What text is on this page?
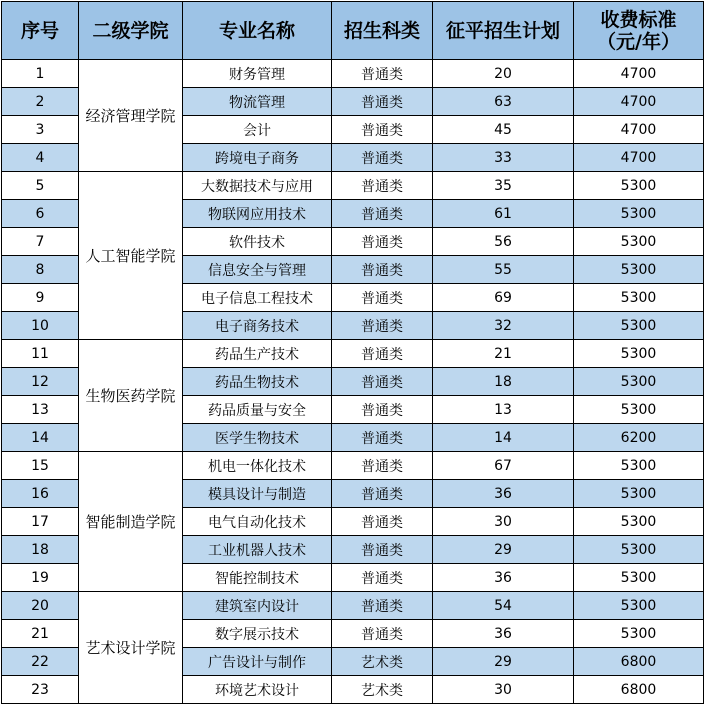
序号	二级学院	专业名称	招生科类	征平招生计划	收费标准
（元/年）
1	经济管理学院	财务管理	普通类	20	4700
2		物流管理	普通类	63	4700
3		会计	普通类	45	4700
4		跨境电子商务	普通类	33	4700
5	人工智能学院	大数据技术与应用	普通类	35	5300
6		物联网应用技术	普通类	61	5300
7		软件技术	普通类	56	5300
8		信息安全与管理	普通类	55	5300
9		电子信息工程技术	普通类	69	5300
10		电子商务技术	普通类	32	5300
11	生物医药学院	药品生产技术	普通类	21	5300
12		药品生物技术	普通类	18	5300
13		药品质量与安全	普通类	13	5300
14		医学生物技术	普通类	14	6200
15	智能制造学院	机电一体化技术	普通类	67	5300
16		模具设计与制造	普通类	36	5300
17		电气自动化技术	普通类	30	5300
18		工业机器人技术	普通类	29	5300
19		智能控制技术	普通类	36	5300
20	艺术设计学院	建筑室内设计	普通类	54	5300
21		数字展示技术	普通类	36	5300
22		广告设计与制作	艺术类	29	6800
23		环境艺术设计	艺术类	30	6800
